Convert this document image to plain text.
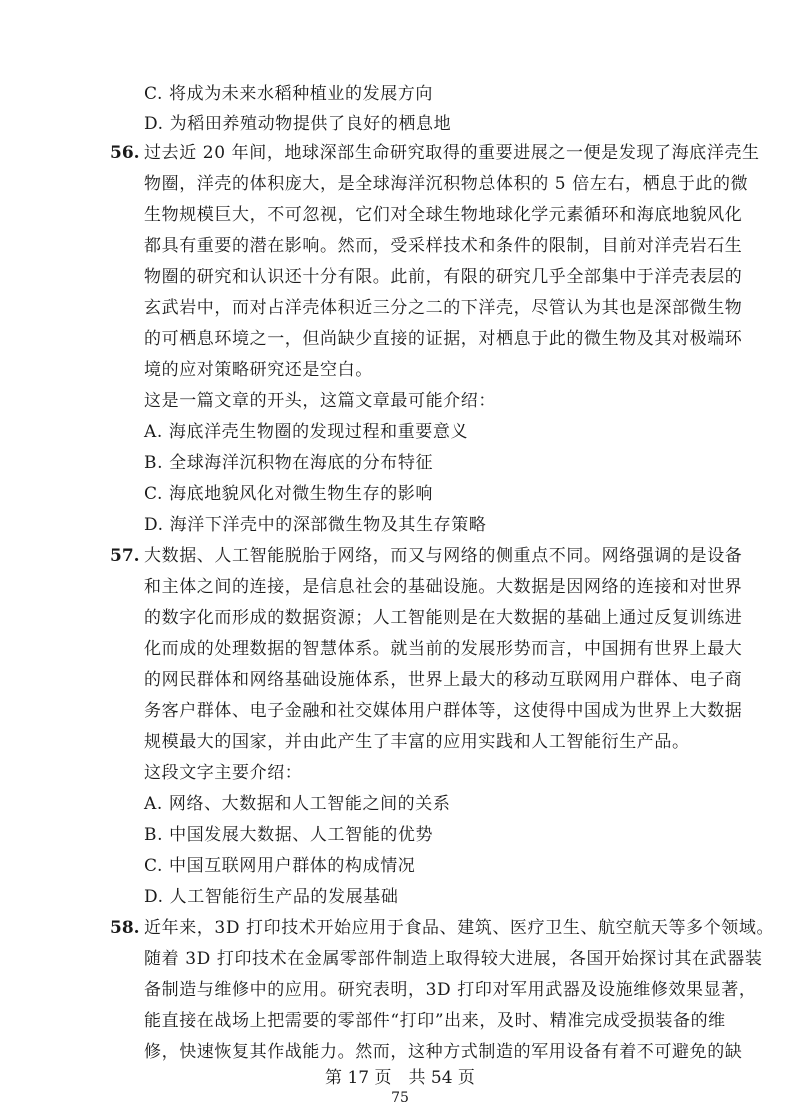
C. 将成为未来水稻种植业的发展方向
D. 为稻田养殖动物提供了良好的栖息地
56. 过去近 20 年间，地球深部生命研究取得的重要进展之一便是发现了海底洋壳生
物圈，洋壳的体积庞大，是全球海洋沉积物总体积的 5 倍左右，栖息于此的微
生物规模巨大，不可忽视，它们对全球生物地球化学元素循环和海底地貌风化
都具有重要的潜在影响。然而，受采样技术和条件的限制，目前对洋壳岩石生
物圈的研究和认识还十分有限。此前，有限的研究几乎全部集中于洋壳表层的
玄武岩中，而对占洋壳体积近三分之二的下洋壳，尽管认为其也是深部微生物
的可栖息环境之一，但尚缺少直接的证据，对栖息于此的微生物及其对极端环
境的应对策略研究还是空白。
这是一篇文章的开头，这篇文章最可能介绍：
A. 海底洋壳生物圈的发现过程和重要意义
B. 全球海洋沉积物在海底的分布特征
C. 海底地貌风化对微生物生存的影响
D. 海洋下洋壳中的深部微生物及其生存策略
57. 大数据、人工智能脱胎于网络，而又与网络的侧重点不同。网络强调的是设备
和主体之间的连接，是信息社会的基础设施。大数据是因网络的连接和对世界
的数字化而形成的数据资源；人工智能则是在大数据的基础上通过反复训练进
化而成的处理数据的智慧体系。就当前的发展形势而言，中国拥有世界上最大
的网民群体和网络基础设施体系，世界上最大的移动互联网用户群体、电子商
务客户群体、电子金融和社交媒体用户群体等，这使得中国成为世界上大数据
规模最大的国家，并由此产生了丰富的应用实践和人工智能衍生产品。
这段文字主要介绍：
A. 网络、大数据和人工智能之间的关系
B. 中国发展大数据、人工智能的优势
C. 中国互联网用户群体的构成情况
D. 人工智能衍生产品的发展基础
58. 近年来，3D 打印技术开始应用于食品、建筑、医疗卫生、航空航天等多个领域。
随着 3D 打印技术在金属零部件制造上取得较大进展，各国开始探讨其在武器装
备制造与维修中的应用。研究表明，3D 打印对军用武器及设施维修效果显著，
能直接在战场上把需要的零部件“打印”出来，及时、精准完成受损装备的维
修，快速恢复其作战能力。然而，这种方式制造的军用设备有着不可避免的缺
第 17 页　共 54 页
75
